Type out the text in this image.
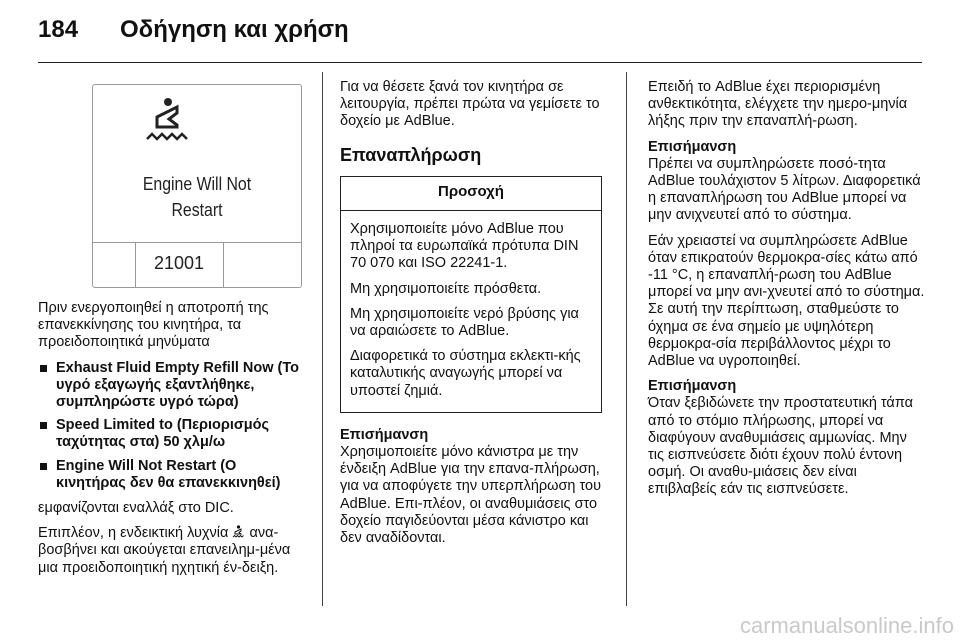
184 Οδήγηση και χρήση
Engine Will Not
Restart
21001

Πριν ενεργοποιηθεί η αποτροπή της επανεκκίνησης του κινητήρα, τα προειδοποιητικά μηνύματα

Exhaust Fluid Empty Refill Now (Το υγρό εξαγωγής εξαντλήθηκε, συμπληρώστε υγρό τώρα)
Speed Limited to (Περιορισμός ταχύτητας στα) 50 χλμ/ω
Engine Will Not Restart (Ο κινητήρας δεν θα επανεκκινηθεί)

εμφανίζονται εναλλάξ στο DIC.

Επιπλέον, η ενδεικτική λυχνία ανα-βοσβήνει και ακούγεται επανειλημ-μένα μια προειδοποιητική ηχητική έν-δειξη.

Για να θέσετε ξανά τον κινητήρα σε λειτουργία, πρέπει πρώτα να γεμίσετε το δοχείο με AdBlue.

Επαναπλήρωση
Προσοχή

Χρησιμοποιείτε μόνο AdBlue που πληροί τα ευρωπαϊκά πρότυπα DIN 70 070 και ISO 22241-1.

Μη χρησιμοποιείτε πρόσθετα.

Μη χρησιμοποιείτε νερό βρύσης για να αραιώσετε το AdBlue.

Διαφορετικά το σύστημα εκλεκτι-κής καταλυτικής αναγωγής μπορεί να υποστεί ζημιά.

Επισήμανση

Χρησιμοποιείτε μόνο κάνιστρα με την ένδειξη AdBlue για την επανα-πλήρωση, για να αποφύγετε την υπερπλήρωση του AdBlue. Επι-πλέον, οι αναθυμιάσεις στο δοχείο παγιδεύονται μέσα κάνιστρο και δεν αναδίδονται.

Επειδή το AdBlue έχει περιορισμένη ανθεκτικότητα, ελέγχετε την ημερο-μηνία λήξης πριν την επαναπλή-ρωση.

Επισήμανση

Πρέπει να συμπληρώσετε ποσό-τητα AdBlue τουλάχιστον 5 λίτρων. Διαφορετικά η επαναπλήρωση του AdBlue μπορεί να μην ανιχνευτεί από το σύστημα.

Εάν χρειαστεί να συμπληρώσετε AdBlue όταν επικρατούν θερμοκρα-σίες κάτω από -11 °C, η επαναπλή-ρωση του AdBlue μπορεί να μην ανι-χνευτεί από το σύστημα. Σε αυτή την περίπτωση, σταθμεύστε το όχημα σε ένα σημείο με υψηλότερη θερμοκρα-σία περιβάλλοντος μέχρι το AdBlue να υγροποιηθεί.

Επισήμανση

Όταν ξεβιδώνετε την προστατευτική τάπα από το στόμιο πλήρωσης, μπορεί να διαφύγουν αναθυμιάσεις αμμωνίας. Μην τις εισπνεύσετε διότι έχουν πολύ έντονη οσμή. Οι αναθυ-μιάσεις δεν είναι επιβλαβείς εάν τις εισπνεύσετε.

carmanualsonline.info
